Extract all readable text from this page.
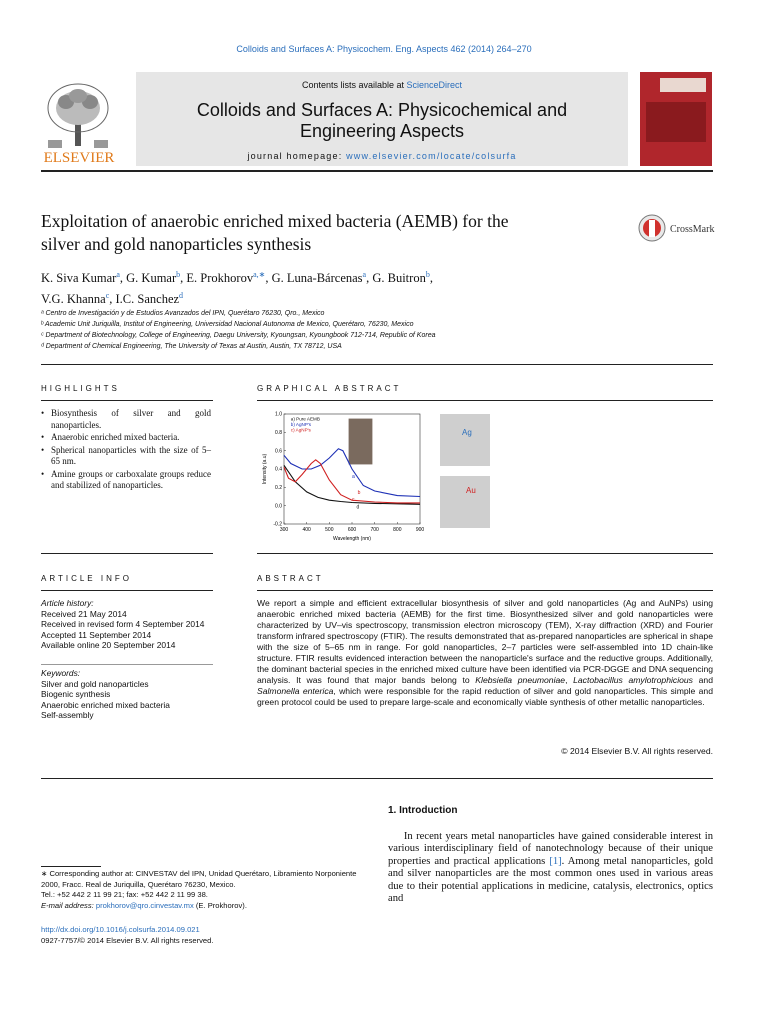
Colloids and Surfaces A: Physicochem. Eng. Aspects 462 (2014) 264–270
ELSEVIER
Contents lists available at ScienceDirect
Colloids and Surfaces A: Physicochemical and
Engineering Aspects
journal homepage: www.elsevier.com/locate/colsurfa
Exploitation of anaerobic enriched mixed bacteria (AEMB) for the
silver and gold nanoparticles synthesis
CrossMark
K. Siva Kumar$^a$, G. Kumar$^b$, E. Prokhorov$^{a,∗}$, G. Luna-Bárcenas$^a$, G. Buitron$^b$,
V.G. Khanna$^c$, I.C. Sanchez$^d$
ᵃ Centro de Investigación y de Estudios Avanzados del IPN, Querétaro 76230, Qro., Mexico
ᵇ Academic Unit Juriquilla, Institut of Engineering, Universidad Nacional Autonoma de Mexico, Querétaro, 76230, Mexico
ᶜ Department of Biotechnology, College of Engineering, Daegu University, Kyoungsan, Kyoungbook 712-714, Republic of Korea
ᵈ Department of Chemical Engineering, The University of Texas at Austin, Austin, TX 78712, USA
HIGHLIGHTS
• Biosynthesis of silver and gold nanoparticles.
• Anaerobic enriched mixed bacteria.
• Spherical nanoparticles with the size of 5–65 nm.
• Amine groups or carboxalate groups reduce and stabilized of nanoparticles.
GRAPHICAL ABSTRACT
300	400	500	600	700	800	900
-0.2
0.0
0.2
0.4
0.6
0.8
1.0
Wavelength (nm)
Intensity (a.u)
a) Pure AEMB
b) AgNP's
c) AgNP's
a
b
c
d
Ag
Au
ARTICLE INFO
Article history:
Received 21 May 2014
Received in revised form 4 September 2014
Accepted 11 September 2014
Available online 20 September 2014
Keywords:
Silver and gold nanoparticles
Biogenic synthesis
Anaerobic enriched mixed bacteria
Self-assembly
ABSTRACT
We report a simple and efficient extracellular biosynthesis of silver and gold nanoparticles (Ag and AuNPs) using anaerobic enriched mixed bacteria (AEMB) for the first time. Biosynthesized silver and gold nanoparticles were characterized by UV–vis spectroscopy, transmission electron microscopy (TEM), X-ray diffraction (XRD) and Fourier transform infrared spectroscopy (FTIR). The results demonstrated that as-prepared nanoparticles are spherical in shape with the size of 5–65 nm in range. For gold nanoparticles, 2–7 particles were self-assembled into 1D chain-like structure. FTIR results evidenced interaction between the nanoparticle's surface and the reductive groups. Additionally, the dominant bacterial species in the enriched mixed culture have been identified via PCR-DGGE and DNA sequencing analysis. It was found that major bands belong to Klebsiella pneumoniae, Lactobacillus amylotrophicious and Salmonella enterica, which were responsible for the rapid reduction of silver and gold nanoparticles. This simple and green protocol could be used to prepare large-scale and economically viable synthesis of other metallic nanoparticles.
© 2014 Elsevier B.V. All rights reserved.
1. Introduction
  In recent years metal nanoparticles have gained considerable interest in various interdisciplinary field of nanotechnology because of their unique properties and practical applications [1]. Among metal nanoparticles, gold and silver nanoparticles are the most common ones used in various areas due to their potential applications in medicine, catalysis, electronics, optics and
∗ Corresponding author at: CINVESTAV del IPN, Unidad Querétaro, Libramiento Norponiente 2000, Fracc. Real de Juriquilla, Querétaro 76230, Mexico.
Tel.: +52 442 2 11 99 21; fax: +52 442 2 11 99 38.
E-mail address: prokhorov@qro.cinvestav.mx (E. Prokhorov).
http://dx.doi.org/10.1016/j.colsurfa.2014.09.021
0927-7757/© 2014 Elsevier B.V. All rights reserved.
